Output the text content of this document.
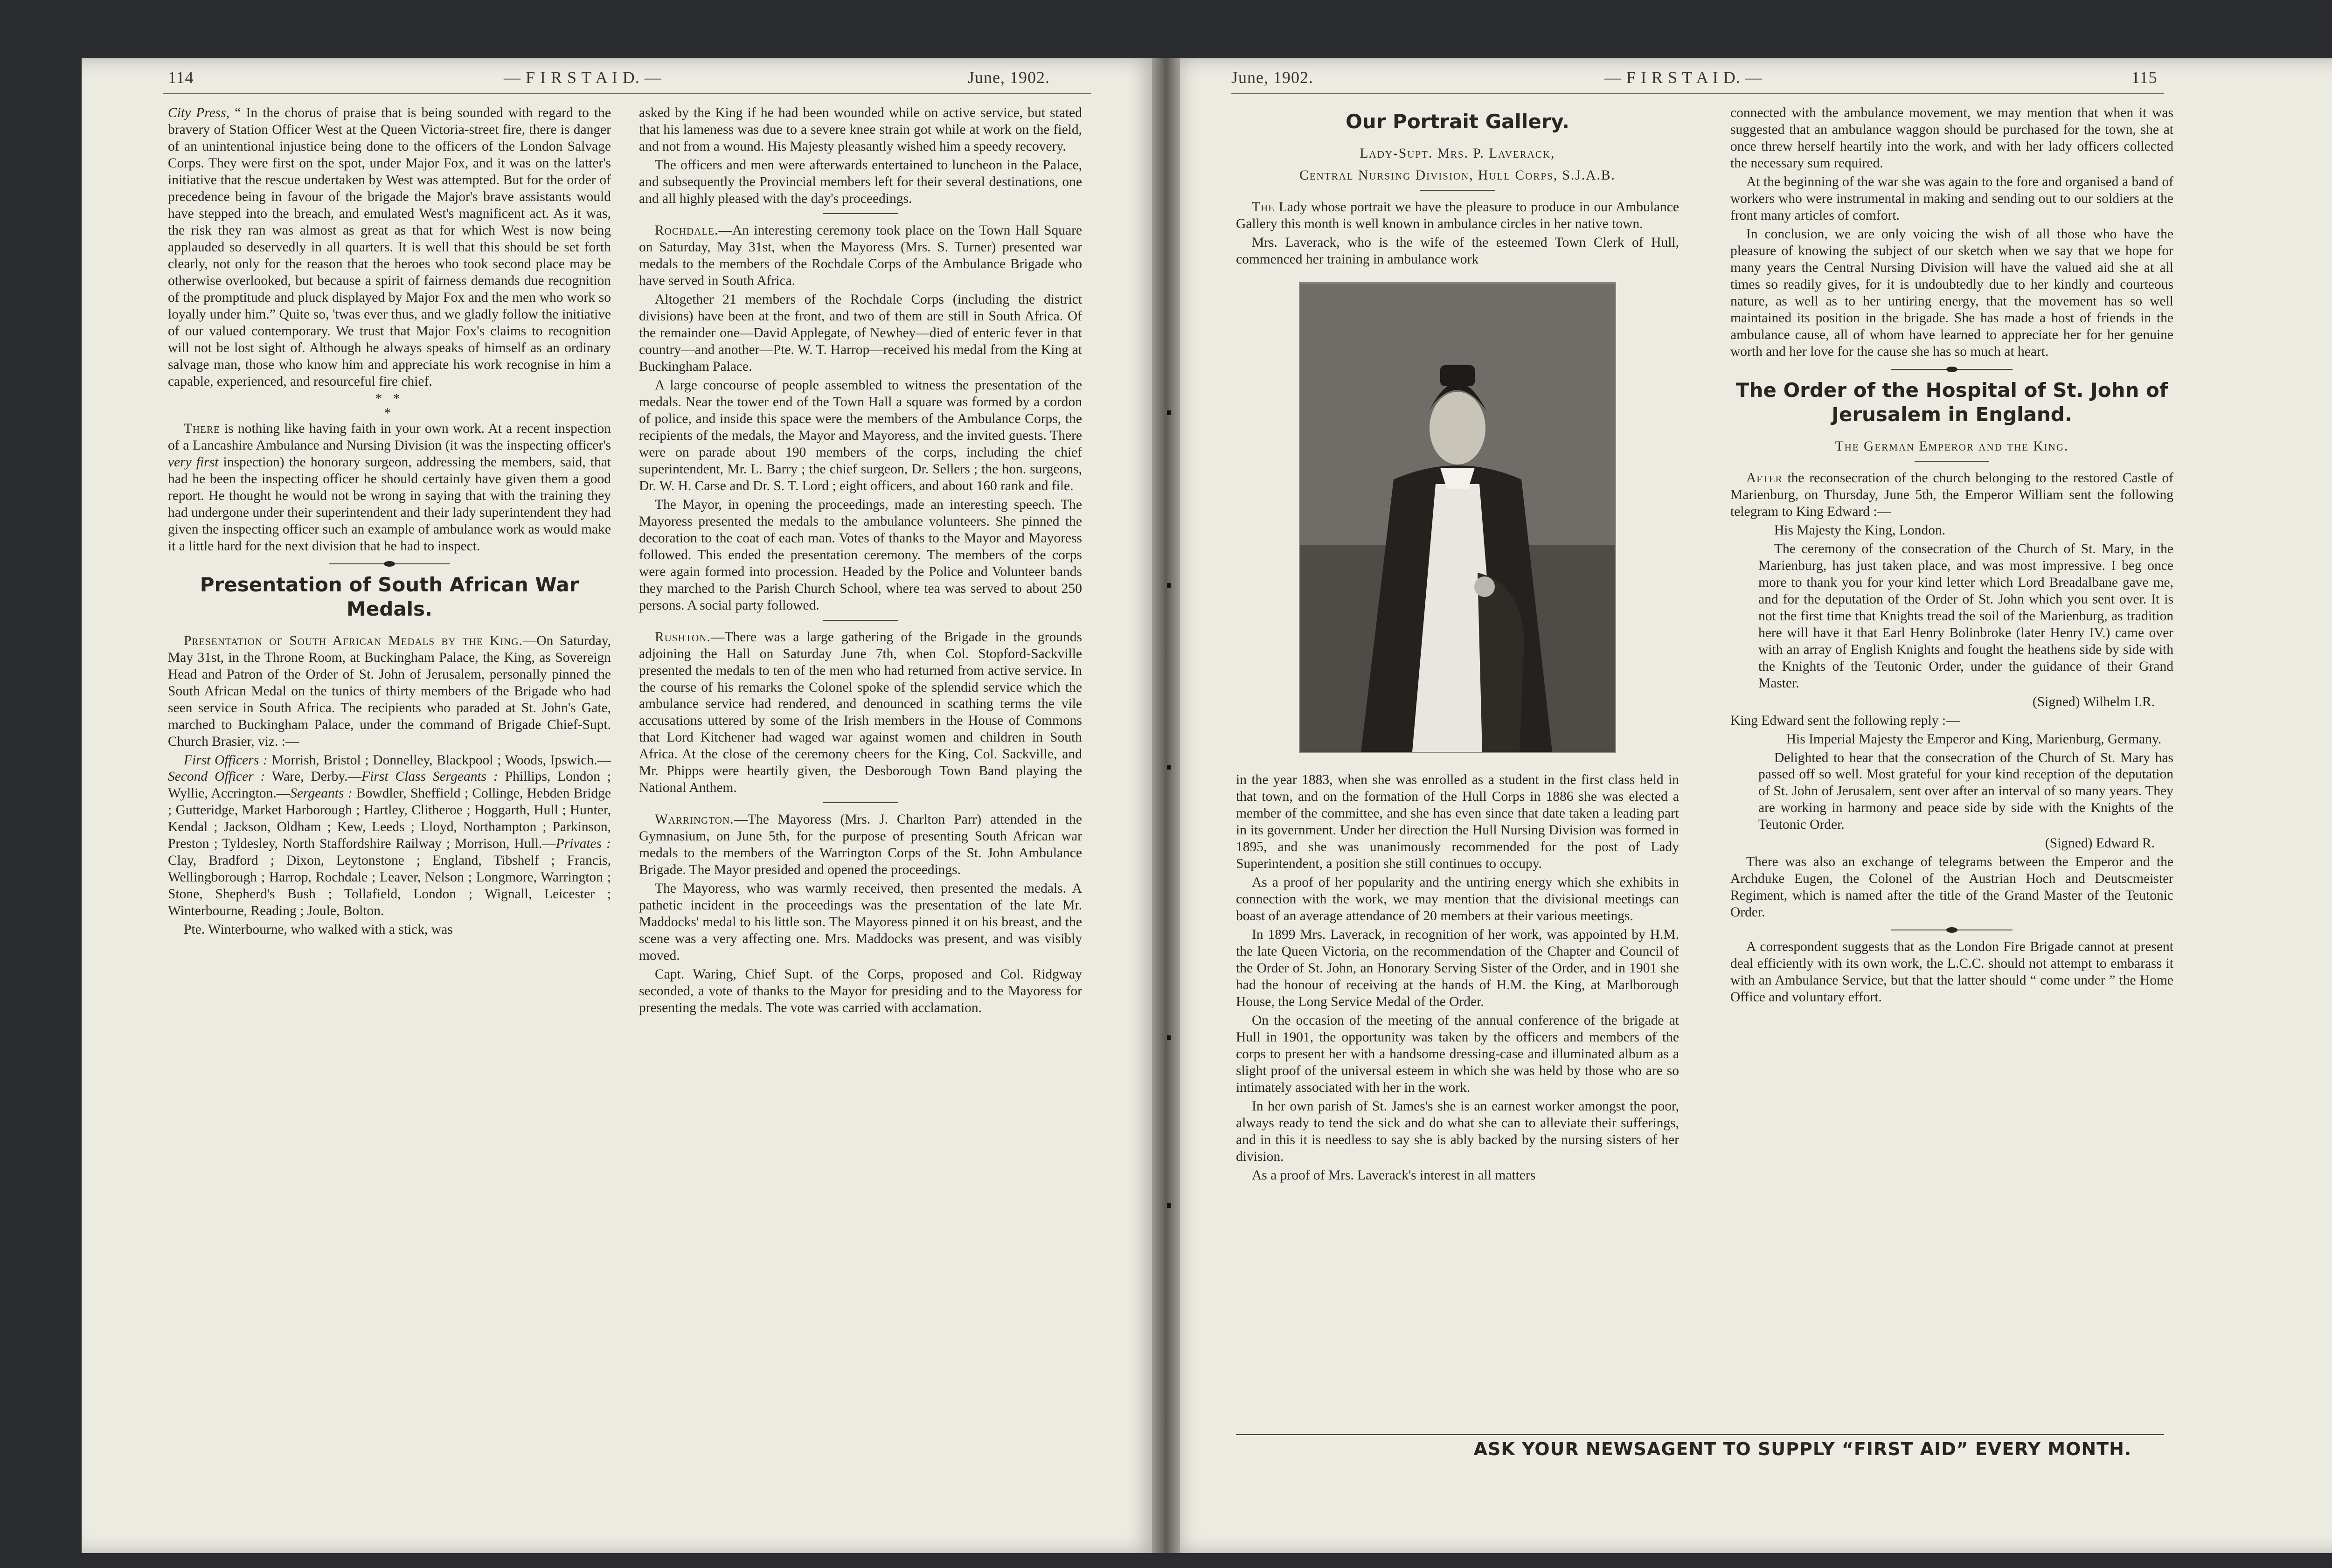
114	— F I R S T A I D. —	June, 1902.	June, 1902.	— F I R S T A I D. —	115

City Press, “ In the chorus of praise that is being sounded with regard to the bravery of Station Officer West at the Queen Victoria-street fire, there is danger of an unintentional injustice being done to the officers of the London Salvage Corps. They were first on the spot, under Major Fox, and it was on the latter's initiative that the rescue undertaken by West was attempted. But for the order of precedence being in favour of the brigade the Major's brave assistants would have stepped into the breach, and emulated West's magnificent act. As it was, the risk they ran was almost as great as that for which West is now being applauded so deservedly in all quarters. It is well that this should be set forth clearly, not only for the reason that the heroes who took second place may be otherwise overlooked, but because a spirit of fairness demands due recognition of the promptitude and pluck displayed by Major Fox and the men who work so loyally under him.” Quite so, 'twas ever thus, and we gladly follow the initiative of our valued contemporary. We trust that Major Fox's claims to recognition will not be lost sight of. Although he always speaks of himself as an ordinary salvage man, those who know him and appreciate his work recognise in him a capable, experienced, and resourceful fire chief.

* *
*

There is nothing like having faith in your own work. At a recent inspection of a Lancashire Ambulance and Nursing Division (it was the inspecting officer's very first inspection) the honorary surgeon, addressing the members, said, that had he been the inspecting officer he should certainly have given them a good report. He thought he would not be wrong in saying that with the training they had undergone under their superintendent and their lady superintendent they had given the inspecting officer such an example of ambulance work as would make it a little hard for the next division that he had to inspect.

Presentation of South African War Medals.

Presentation of South African Medals by the King.—On Saturday, May 31st, in the Throne Room, at Buckingham Palace, the King, as Sovereign Head and Patron of the Order of St. John of Jerusalem, personally pinned the South African Medal on the tunics of thirty members of the Brigade who had seen service in South Africa. The recipients who paraded at St. John's Gate, marched to Buckingham Palace, under the command of Brigade Chief-Supt. Church Brasier, viz. :—

First Officers : Morrish, Bristol ; Donnelley, Blackpool ; Woods, Ipswich.—Second Officer : Ware, Derby.—First Class Sergeants : Phillips, London ; Wyllie, Accrington.—Sergeants : Bowdler, Sheffield ; Collinge, Hebden Bridge ; Gutteridge, Market Harborough ; Hartley, Clitheroe ; Hoggarth, Hull ; Hunter, Kendal ; Jackson, Oldham ; Kew, Leeds ; Lloyd, Northampton ; Parkinson, Preston ; Tyldesley, North Staffordshire Railway ; Morrison, Hull.—Privates : Clay, Bradford ; Dixon, Leytonstone ; England, Tibshelf ; Francis, Wellingborough ; Harrop, Rochdale ; Leaver, Nelson ; Longmore, Warrington ; Stone, Shepherd's Bush ; Tollafield, London ; Wignall, Leicester ; Winterbourne, Reading ; Joule, Bolton.

Pte. Winterbourne, who walked with a stick, was

asked by the King if he had been wounded while on active service, but stated that his lameness was due to a severe knee strain got while at work on the field, and not from a wound. His Majesty pleasantly wished him a speedy recovery.

The officers and men were afterwards entertained to luncheon in the Palace, and subsequently the Provincial members left for their several destinations, one and all highly pleased with the day's proceedings.

Rochdale.—An interesting ceremony took place on the Town Hall Square on Saturday, May 31st, when the Mayoress (Mrs. S. Turner) presented war medals to the members of the Rochdale Corps of the Ambulance Brigade who have served in South Africa.

Altogether 21 members of the Rochdale Corps (including the district divisions) have been at the front, and two of them are still in South Africa. Of the remainder one—David Applegate, of Newhey—died of enteric fever in that country—and another—Pte. W. T. Harrop—received his medal from the King at Buckingham Palace.

A large concourse of people assembled to witness the presentation of the medals. Near the tower end of the Town Hall a square was formed by a cordon of police, and inside this space were the members of the Ambulance Corps, the recipients of the medals, the Mayor and Mayoress, and the invited guests. There were on parade about 190 members of the corps, including the chief superintendent, Mr. L. Barry ; the chief surgeon, Dr. Sellers ; the hon. surgeons, Dr. W. H. Carse and Dr. S. T. Lord ; eight officers, and about 160 rank and file.

The Mayor, in opening the proceedings, made an interesting speech. The Mayoress presented the medals to the ambulance volunteers. She pinned the decoration to the coat of each man. Votes of thanks to the Mayor and Mayoress followed. This ended the presentation ceremony. The members of the corps were again formed into procession. Headed by the Police and Volunteer bands they marched to the Parish Church School, where tea was served to about 250 persons. A social party followed.

Rushton.—There was a large gathering of the Brigade in the grounds adjoining the Hall on Saturday June 7th, when Col. Stopford-Sackville presented the medals to ten of the men who had returned from active service. In the course of his remarks the Colonel spoke of the splendid service which the ambulance service had rendered, and denounced in scathing terms the vile accusations uttered by some of the Irish members in the House of Commons that Lord Kitchener had waged war against women and children in South Africa. At the close of the ceremony cheers for the King, Col. Sackville, and Mr. Phipps were heartily given, the Desborough Town Band playing the National Anthem.

Warrington.—The Mayoress (Mrs. J. Charlton Parr) attended in the Gymnasium, on June 5th, for the purpose of presenting South African war medals to the members of the Warrington Corps of the St. John Ambulance Brigade. The Mayor presided and opened the proceedings.

The Mayoress, who was warmly received, then presented the medals. A pathetic incident in the proceedings was the presentation of the late Mr. Maddocks' medal to his little son. The Mayoress pinned it on his breast, and the scene was a very affecting one. Mrs. Maddocks was present, and was visibly moved.

Capt. Waring, Chief Supt. of the Corps, proposed and Col. Ridgway seconded, a vote of thanks to the Mayor for presiding and to the Mayoress for presenting the medals. The vote was carried with acclamation.

Our Portrait Gallery.
Lady-Supt. Mrs. P. Laverack,
Central Nursing Division, Hull Corps, S.J.A.B.

The Lady whose portrait we have the pleasure to produce in our Ambulance Gallery this month is well known in ambulance circles in her native town.

Mrs. Laverack, who is the wife of the esteemed Town Clerk of Hull, commenced her training in ambulance work

in the year 1883, when she was enrolled as a student in the first class held in that town, and on the formation of the Hull Corps in 1886 she was elected a member of the committee, and she has even since that date taken a leading part in its government. Under her direction the Hull Nursing Division was formed in 1895, and she was unanimously recommended for the post of Lady Superintendent, a position she still continues to occupy.

As a proof of her popularity and the untiring energy which she exhibits in connection with the work, we may mention that the divisional meetings can boast of an average attendance of 20 members at their various meetings.

In 1899 Mrs. Laverack, in recognition of her work, was appointed by H.M. the late Queen Victoria, on the recommendation of the Chapter and Council of the Order of St. John, an Honorary Serving Sister of the Order, and in 1901 she had the honour of receiving at the hands of H.M. the King, at Marlborough House, the Long Service Medal of the Order.

On the occasion of the meeting of the annual conference of the brigade at Hull in 1901, the opportunity was taken by the officers and members of the corps to present her with a handsome dressing-case and illuminated album as a slight proof of the universal esteem in which she was held by those who are so intimately associated with her in the work.

In her own parish of St. James's she is an earnest worker amongst the poor, always ready to tend the sick and do what she can to alleviate their sufferings, and in this it is needless to say she is ably backed by the nursing sisters of her division.

As a proof of Mrs. Laverack's interest in all matters

connected with the ambulance movement, we may mention that when it was suggested that an ambulance waggon should be purchased for the town, she at once threw herself heartily into the work, and with her lady officers collected the necessary sum required.

At the beginning of the war she was again to the fore and organised a band of workers who were instrumental in making and sending out to our soldiers at the front many articles of comfort.

In conclusion, we are only voicing the wish of all those who have the pleasure of knowing the subject of our sketch when we say that we hope for many years the Central Nursing Division will have the valued aid she at all times so readily gives, for it is undoubtedly due to her kindly and courteous nature, as well as to her untiring energy, that the movement has so well maintained its position in the brigade. She has made a host of friends in the ambulance cause, all of whom have learned to appreciate her for her genuine worth and her love for the cause she has so much at heart.

The Order of the Hospital of St. John of Jerusalem in England.
The German Emperor and the King.

After the reconsecration of the church belonging to the restored Castle of Marienburg, on Thursday, June 5th, the Emperor William sent the following telegram to King Edward :—

His Majesty the King, London.

The ceremony of the consecration of the Church of St. Mary, in the Marienburg, has just taken place, and was most impressive. I beg once more to thank you for your kind letter which Lord Breadalbane gave me, and for the deputation of the Order of St. John which you sent over. It is not the first time that Knights tread the soil of the Marienburg, as tradition here will have it that Earl Henry Bolinbroke (later Henry IV.) came over with an array of English Knights and fought the heathens side by side with the Knights of the Teutonic Order, under the guidance of their Grand Master.

(Signed) Wilhelm I.R.

King Edward sent the following reply :—

His Imperial Majesty the Emperor and King, Marienburg, Germany.

Delighted to hear that the consecration of the Church of St. Mary has passed off so well. Most grateful for your kind reception of the deputation of St. John of Jerusalem, sent over after an interval of so many years. They are working in harmony and peace side by side with the Knights of the Teutonic Order.

(Signed) Edward R.

There was also an exchange of telegrams between the Emperor and the Archduke Eugen, the Colonel of the Austrian Hoch and Deutscmeister Regiment, which is named after the title of the Grand Master of the Teutonic Order.

A correspondent suggests that as the London Fire Brigade cannot at present deal efficiently with its own work, the L.C.C. should not attempt to embarass it with an Ambulance Service, but that the latter should “ come under ” the Home Office and voluntary effort.

ASK YOUR NEWSAGENT TO SUPPLY “FIRST AID” EVERY MONTH.
